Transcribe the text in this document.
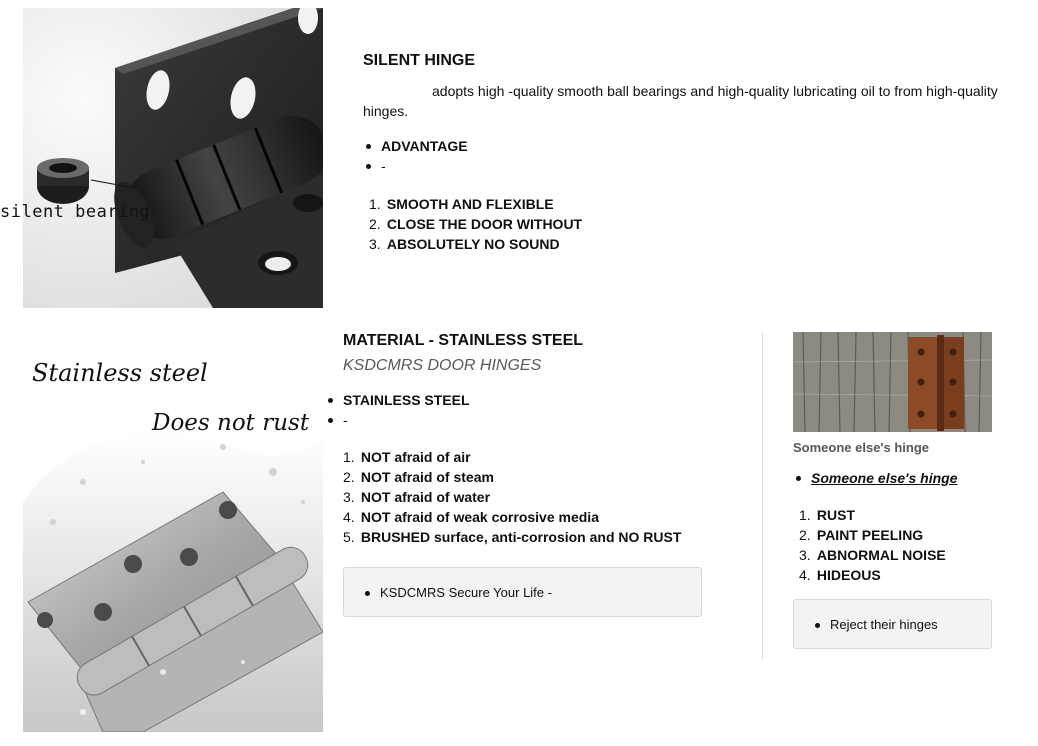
silent bearing
SILENT HINGE
adopts high -quality smooth ball bearings and high-quality lubricating oil to from high-quality hinges.
ADVANTAGE
-
1. SMOOTH AND FLEXIBLE
2. CLOSE THE DOOR WITHOUT
3. ABSOLUTELY NO SOUND
Stainless steel
Does not rust
MATERIAL - STAINLESS STEEL
KSDCMRS DOOR HINGES
STAINLESS STEEL
-
1. NOT afraid of air
2. NOT afraid of steam
3. NOT afraid of water
4. NOT afraid of weak corrosive media
5. BRUSHED surface, anti-corrosion and NO RUST
KSDCMRS Secure Your Life -
Someone else's hinge
Someone else's hinge
1. RUST
2. PAINT PEELING
3. ABNORMAL NOISE
4. HIDEOUS
Reject their hinges
